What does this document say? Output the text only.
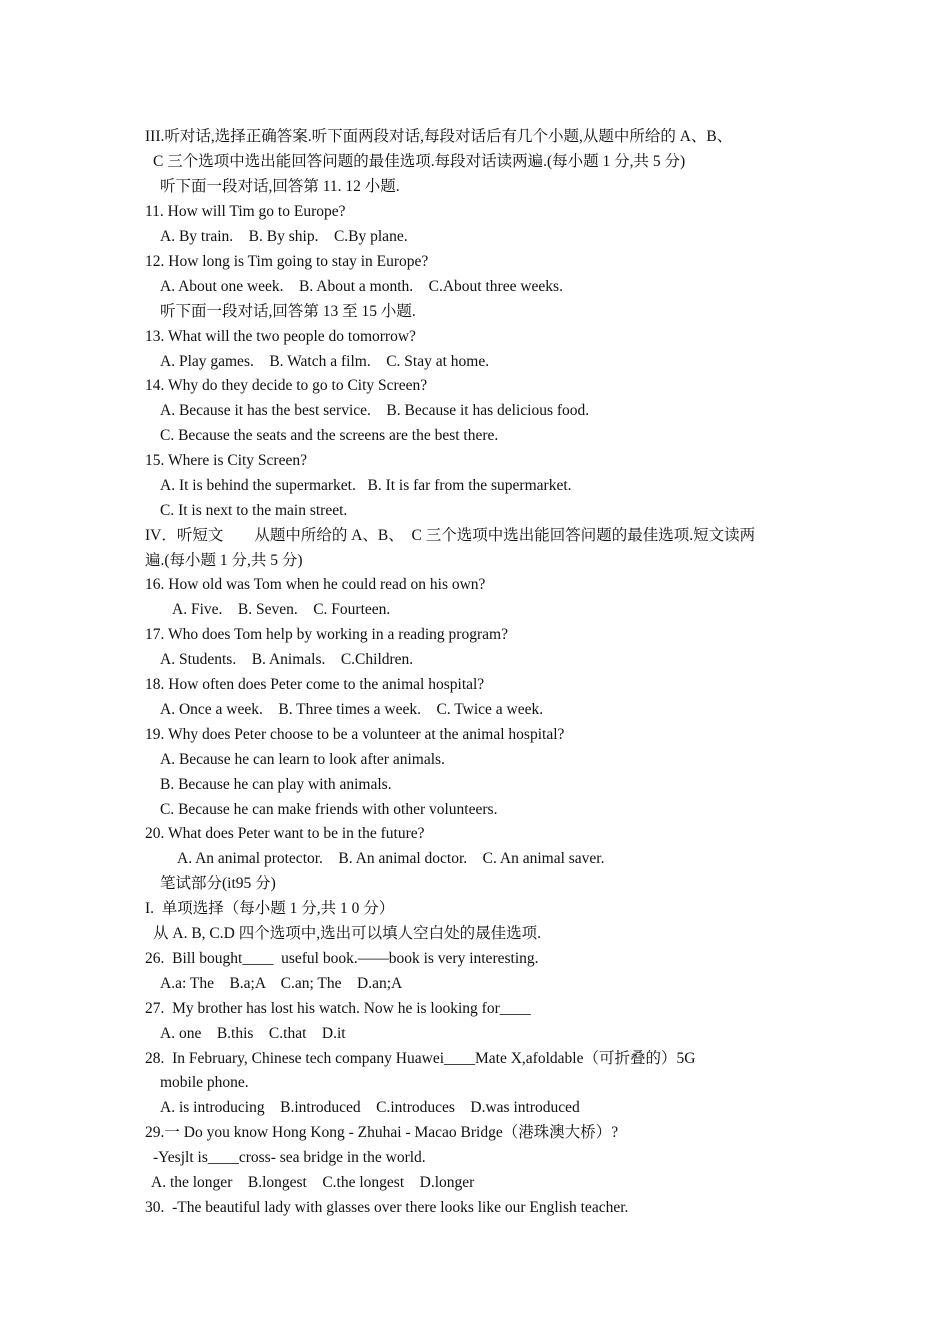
III.听对话,选择正确答案.听下面两段对话,每段对话后有几个小题,从题中所给的 A、B、
C 三个选项中选出能回答问题的最佳选项.每段对话读两遍.(每小题 1 分,共 5 分)
听下面一段对话,回答第 11. 12 小题.
11. How will Tim go to Europe?
A. By train.    B. By ship.    C.By plane.
12. How long is Tim going to stay in Europe?
A. About one week.    B. About a month.    C.About three weeks.
听下面一段对话,回答第 13 至 15 小题.
13. What will the two people do tomorrow?
A. Play games.    B. Watch a film.    C. Stay at home.
14. Why do they decide to go to City Screen?
A. Because it has the best service.    B. Because it has delicious food.
C. Because the seats and the screens are the best there.
15. Where is City Screen?
A. It is behind the supermarket.   B. It is far from the supermarket.
C. It is next to the main street.
IV．听短文        从题中所给的 A、B、  C 三个选项中选出能回答问题的最佳选项.短文读两
遍.(每小题 1 分,共 5 分)
16. How old was Tom when he could read on his own?
A. Five.    B. Seven.    C. Fourteen.
17. Who does Tom help by working in a reading program?
A. Students.    B. Animals.    C.Children.
18. How often does Peter come to the animal hospital?
A. Once a week.    B. Three times a week.    C. Twice a week.
19. Why does Peter choose to be a volunteer at the animal hospital?
A. Because he can learn to look after animals.
B. Because he can play with animals.
C. Because he can make friends with other volunteers.
20. What does Peter want to be in the future?
A. An animal protector.    B. An animal doctor.    C. An animal saver.
笔试部分(it95 分)
I.  单项选择（每小题 1 分,共 1 0 分）
从 A. B, C.D 四个选项中,选出可以填人空白处的晟佳选项.
26.  Bill bought____  useful book.——book is very interesting.
A.a: The    B.a;A    C.an; The    D.an;A
27.  My brother has lost his watch. Now he is looking for____
A. one    B.this    C.that    D.it
28.  In February, Chinese tech company Huawei____Mate X,afoldable（可折叠的）5G
mobile phone.
A. is introducing    B.introduced    C.introduces    D.was introduced
29.一 Do you know Hong Kong - Zhuhai - Macao Bridge（港珠澳大桥）?
-Yesjlt is____cross- sea bridge in the world.
A. the longer    B.longest    C.the longest    D.longer
30.  -The beautiful lady with glasses over there looks like our English teacher.
